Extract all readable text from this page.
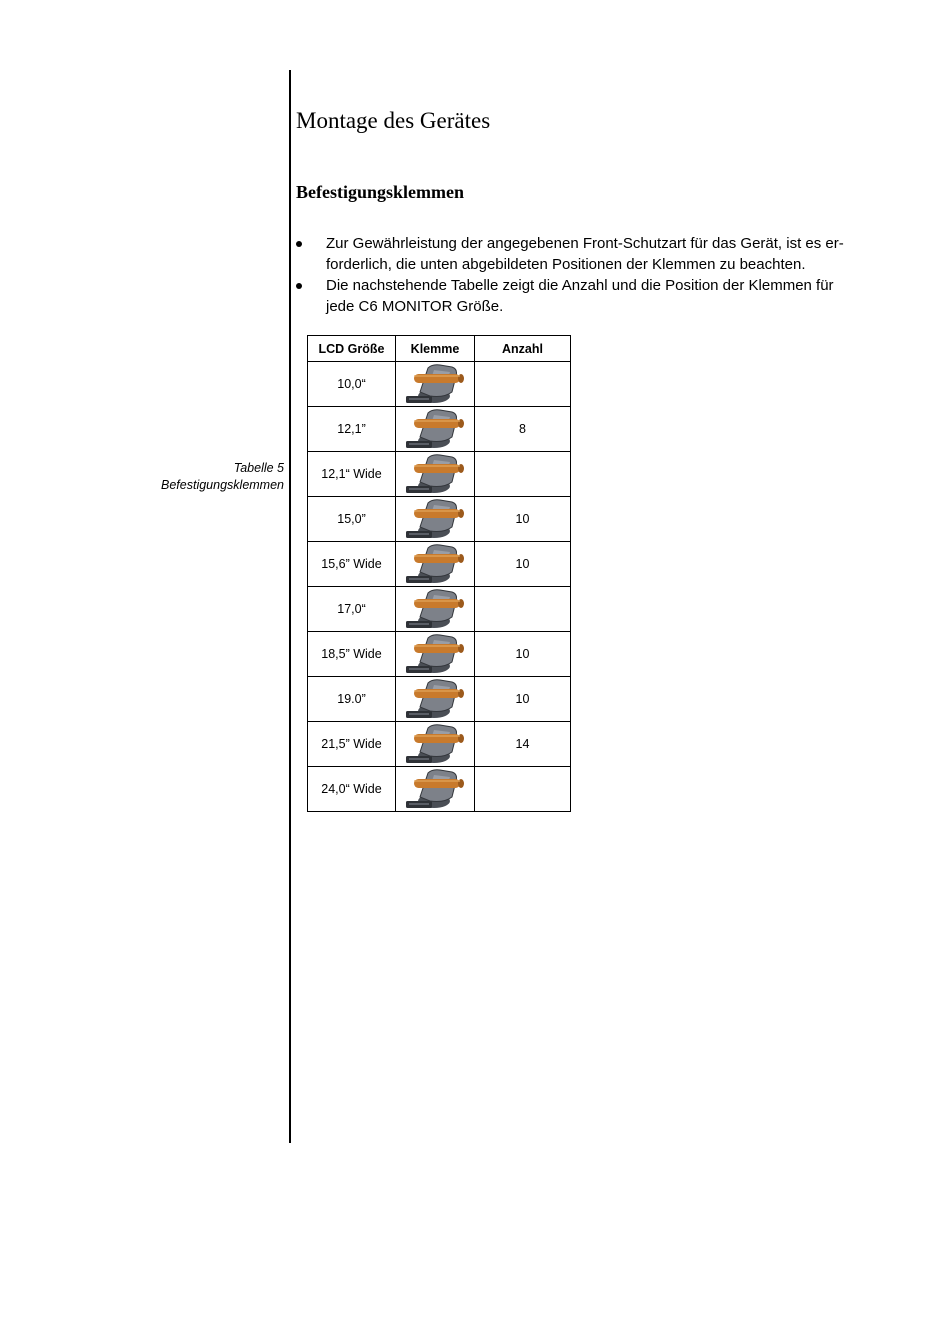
Montage des Gerätes
Befestigungsklemmen
Zur Gewährleistung der angegebenen Front-Schutzart für das Gerät, ist es er-forderlich, die unten abgebildeten Positionen der Klemmen zu beachten.
Die nachstehende Tabelle zeigt die Anzahl und die Position der Klemmen für jede C6 MONITOR Größe.
Tabelle 5
Befestigungsklemmen
LCD Größe	Klemme	Anzahl
10,0“		
12,1”		8
12,1“ Wide		
15,0”		10
15,6” Wide		10
17,0“		
18,5” Wide		10
19.0”		10
21,5” Wide		14
24,0“ Wide		
